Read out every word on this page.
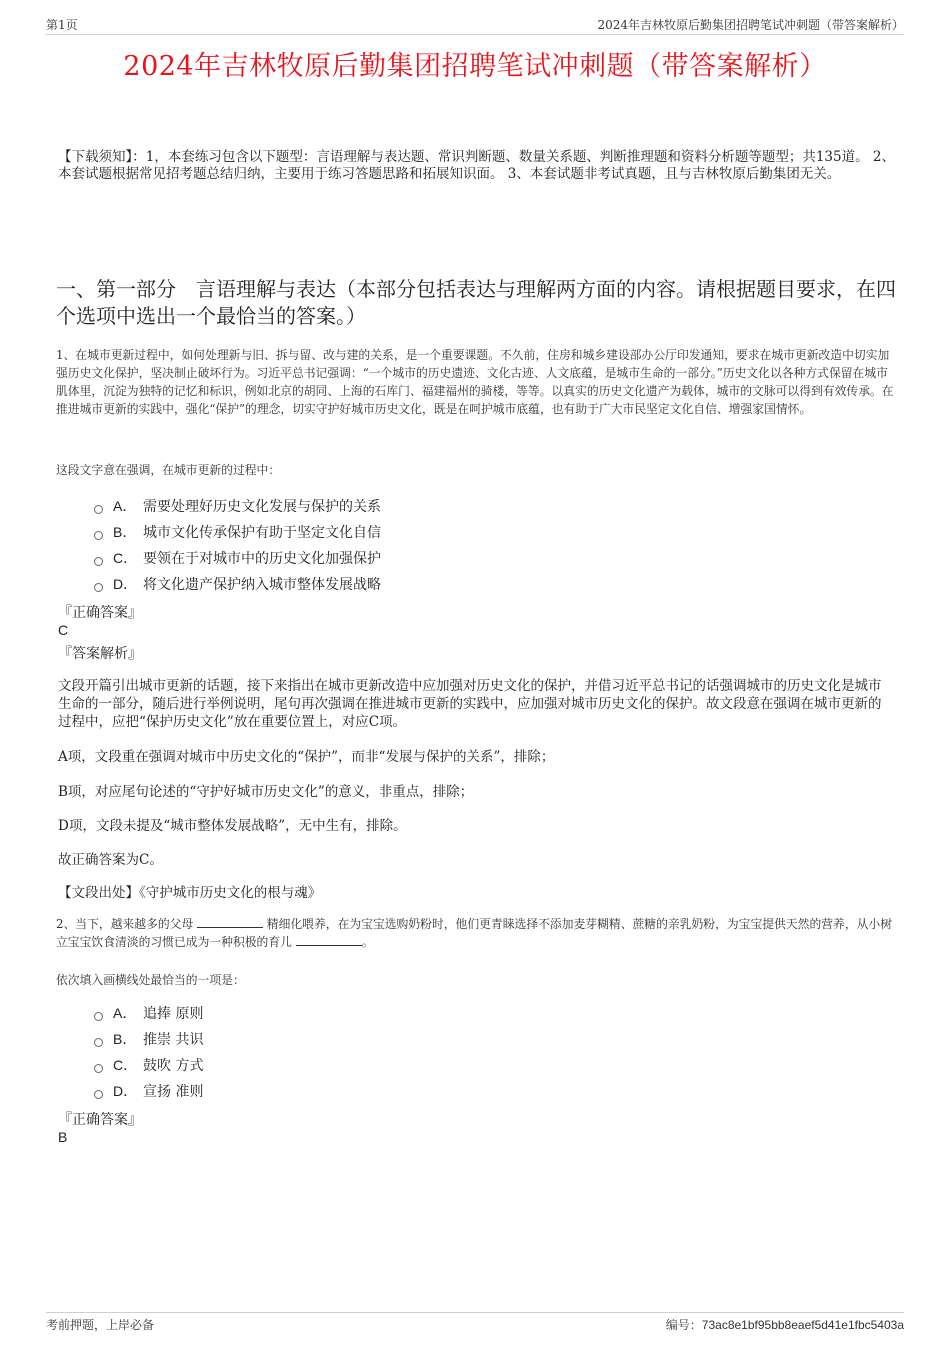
第1页	2024年吉林牧原后勤集团招聘笔试冲刺题（带答案解析）
2024年吉林牧原后勤集团招聘笔试冲刺题（带答案解析）
【下载须知】：1，本套练习包含以下题型：言语理解与表达题、常识判断题、数量关系题、判断推理题和资料分析题等题型；共135道。 2、本套试题根据常见招考题总结归纳，主要用于练习答题思路和拓展知识面。 3、本套试题非考试真题，且与吉林牧原后勤集团无关。
一、第一部分　言语理解与表达（本部分包括表达与理解两方面的内容。请根据题目要求，在四个选项中选出一个最恰当的答案。）
1、在城市更新过程中，如何处理新与旧、拆与留、改与建的关系，是一个重要课题。不久前，住房和城乡建设部办公厅印发通知，要求在城市更新改造中切实加强历史文化保护，坚决制止破坏行为。习近平总书记强调：“一个城市的历史遗迹、文化古迹、人文底蕴，是城市生命的一部分。”历史文化以各种方式保留在城市肌体里，沉淀为独特的记忆和标识，例如北京的胡同、上海的石库门、福建福州的骑楼，等等。以真实的历史文化遗产为载体，城市的文脉可以得到有效传承。在推进城市更新的实践中，强化“保护”的理念，切实守护好城市历史文化，既是在呵护城市底蕴，也有助于广大市民坚定文化自信、增强家国情怀。
这段文字意在强调，在城市更新的过程中：
A． 需要处理好历史文化发展与保护的关系
B． 城市文化传承保护有助于坚定文化自信
C． 要领在于对城市中的历史文化加强保护
D． 将文化遗产保护纳入城市整体发展战略
『正确答案』
C
『答案解析』
文段开篇引出城市更新的话题，接下来指出在城市更新改造中应加强对历史文化的保护，并借习近平总书记的话强调城市的历史文化是城市生命的一部分，随后进行举例说明，尾句再次强调在推进城市更新的实践中，应加强对城市历史文化的保护。故文段意在强调在城市更新的过程中，应把“保护历史文化”放在重要位置上，对应C项。
A项，文段重在强调对城市中历史文化的“保护”，而非“发展与保护的关系”，排除；
B项，对应尾句论述的“守护好城市历史文化”的意义，非重点，排除；
D项，文段未提及“城市整体发展战略”，无中生有，排除。
故正确答案为C。
【文段出处】《守护城市历史文化的根与魂》
2、当下，越来越多的父母	精细化喂养，在为宝宝选购奶粉时，他们更青睐选择不添加麦芽糊精、蔗糖的亲乳奶粉，为宝宝提供天然的营养，从小树立宝宝饮食清淡的习惯已成为一种积极的育儿	。
依次填入画横线处最恰当的一项是：
A． 追捧 原则
B． 推崇 共识
C． 鼓吹 方式
D． 宣扬 准则
『正确答案』
B
考前押题，上岸必备	编号：73ac8e1bf95bb8eaef5d41e1fbc5403a
